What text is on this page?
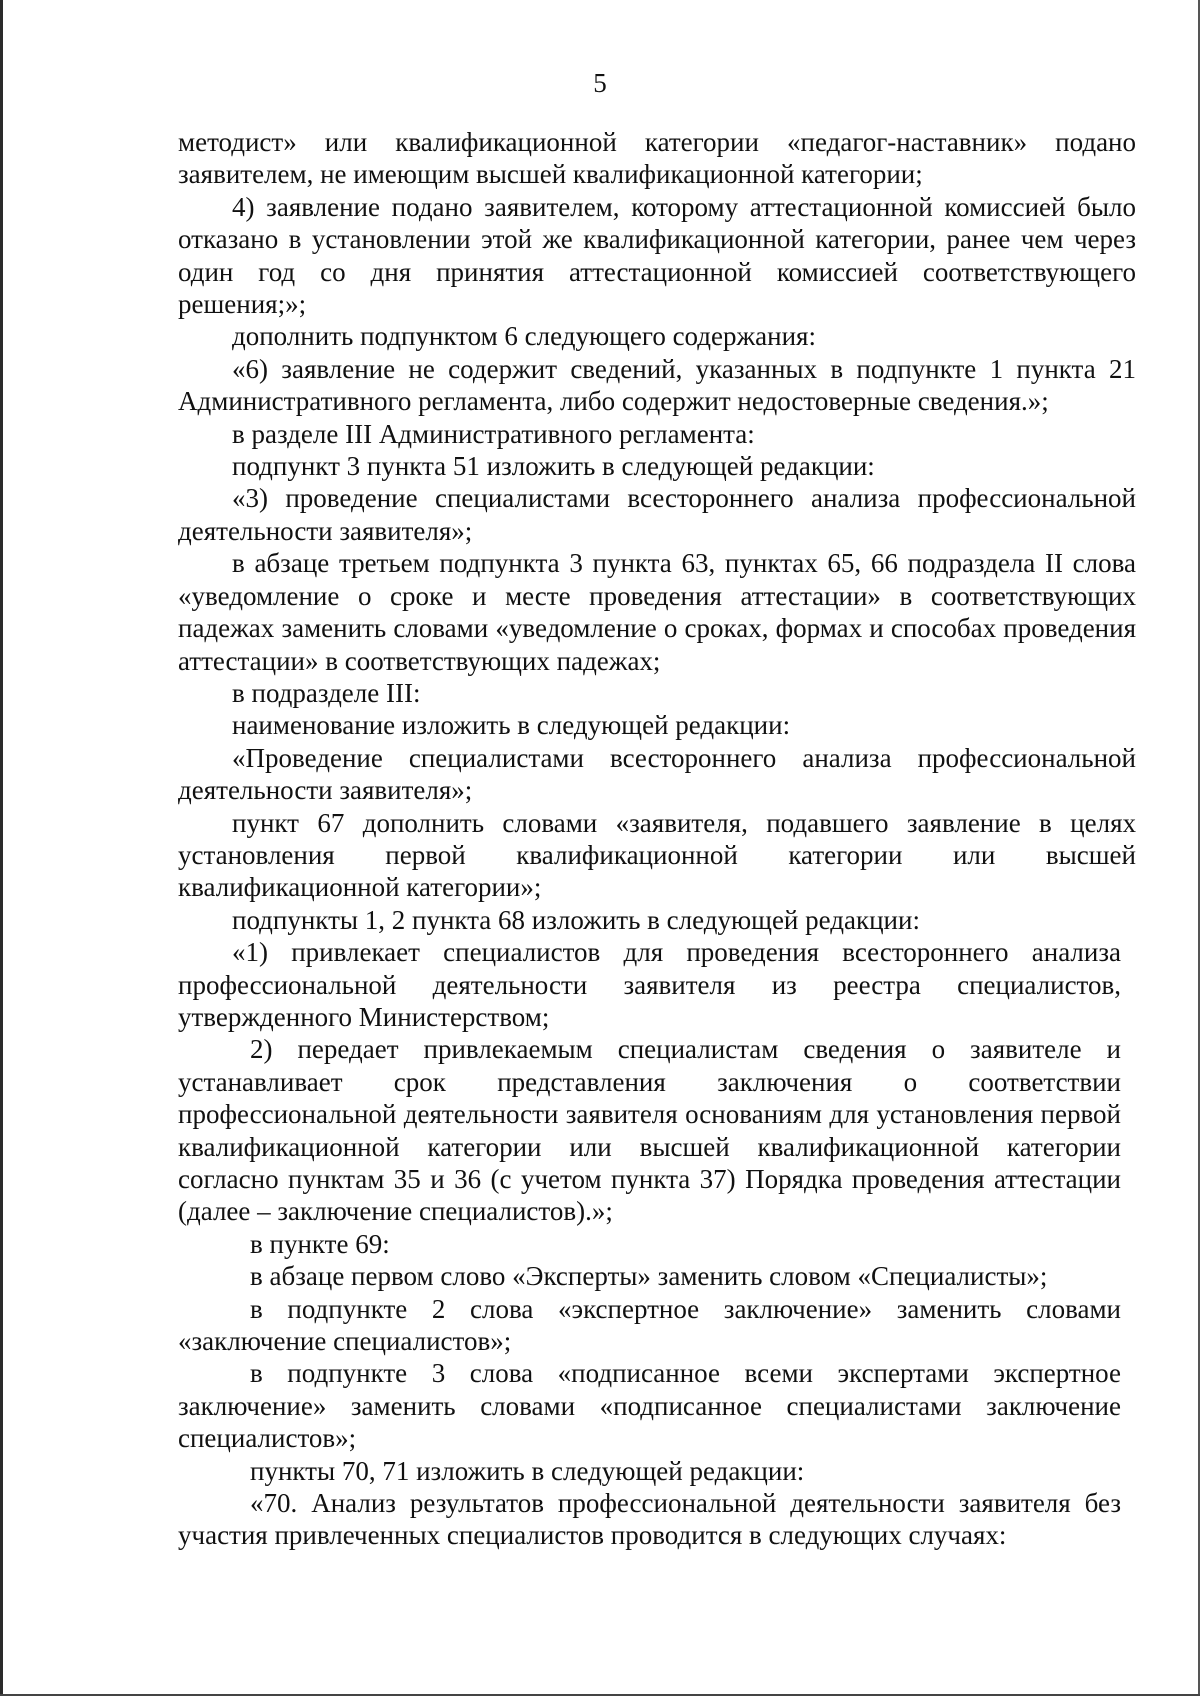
5

методист» или квалификационной категории «педагог-наставник» подано заявителем, не имеющим высшей квалификационной категории;

4) заявление подано заявителем, которому аттестационной комиссией было отказано в установлении этой же квалификационной категории, ранее чем через один год со дня принятия аттестационной комиссией соответствующего решения;»;

дополнить подпунктом 6 следующего содержания:

«6) заявление не содержит сведений, указанных в подпункте 1 пункта 21 Административного регламента, либо содержит недостоверные сведения.»;

в разделе III Административного регламента:

подпункт 3 пункта 51 изложить в следующей редакции:

«3) проведение специалистами всестороннего анализа профессиональной деятельности заявителя»;

в абзаце третьем подпункта 3 пункта 63, пунктах 65, 66 подраздела II слова «уведомление о сроке и месте проведения аттестации» в соответствующих падежах заменить словами «уведомление о сроках, формах и способах проведения аттестации» в соответствующих падежах;

в подразделе III:

наименование изложить в следующей редакции:

«Проведение специалистами всестороннего анализа профессиональной деятельности заявителя»;

пункт 67 дополнить словами «заявителя, подавшего заявление в целях установления первой квалификационной категории или высшей квалификационной категории»;

подпункты 1, 2 пункта 68 изложить в следующей редакции:

«1) привлекает специалистов для проведения всестороннего анализа профессиональной деятельности заявителя из реестра специалистов, утвержденного Министерством;

2) передает привлекаемым специалистам сведения о заявителе и устанавливает срок представления заключения о соответствии профессиональной деятельности заявителя основаниям для установления первой квалификационной категории или высшей квалификационной категории согласно пунктам 35 и 36 (с учетом пункта 37) Порядка проведения аттестации (далее – заключение специалистов).»;

в пункте 69:

в абзаце первом слово «Эксперты» заменить словом «Специалисты»;

в подпункте 2 слова «экспертное заключение» заменить словами «заключение специалистов»;

в подпункте 3 слова «подписанное всеми экспертами экспертное заключение» заменить словами «подписанное специалистами заключение специалистов»;

пункты 70, 71 изложить в следующей редакции:

«70. Анализ результатов профессиональной деятельности заявителя без участия привлеченных специалистов проводится в следующих случаях:
